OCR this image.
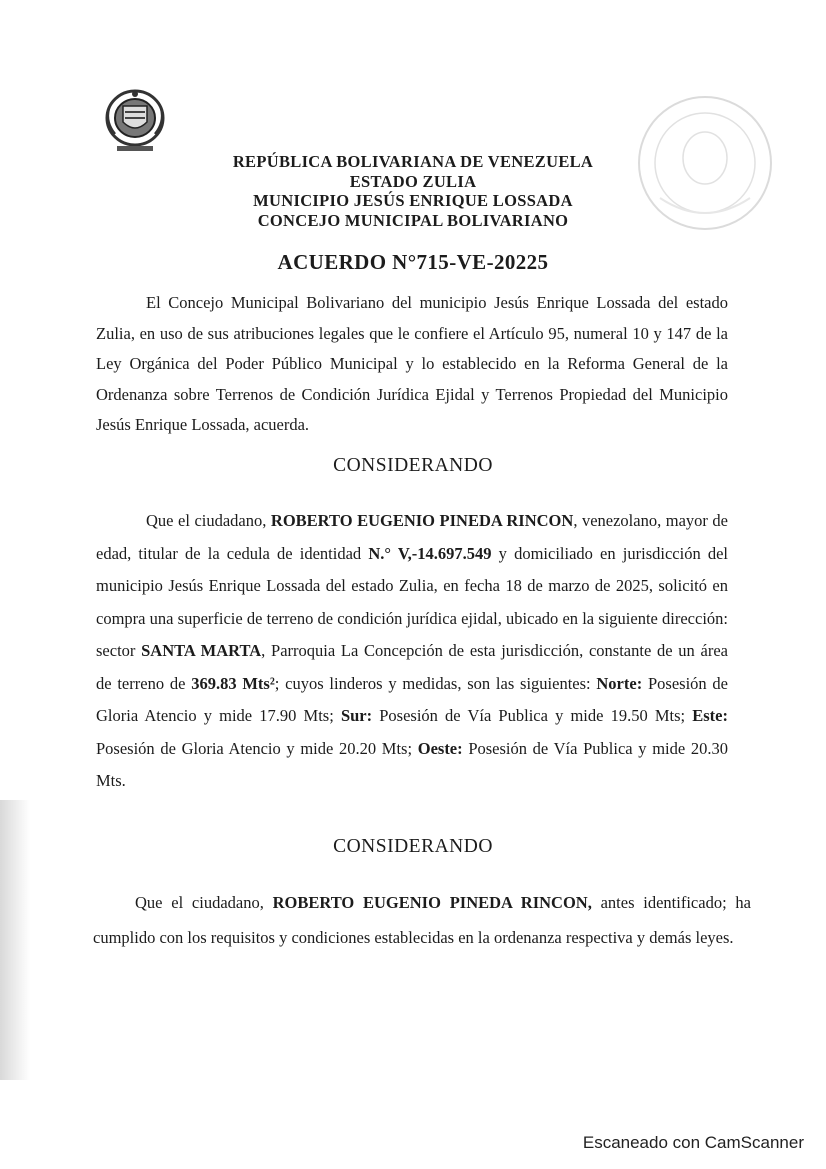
REPÚBLICA BOLIVARIANA DE VENEZUELA
ESTADO ZULIA
MUNICIPIO JESÚS ENRIQUE LOSSADA
CONCEJO MUNICIPAL BOLIVARIANO
ACUERDO N°715-VE-20225
El Concejo Municipal Bolivariano del municipio Jesús Enrique Lossada del estado Zulia, en uso de sus atribuciones legales que le confiere el Artículo 95, numeral 10 y 147 de la Ley Orgánica del Poder Público Municipal y lo establecido en la Reforma General de la Ordenanza sobre Terrenos de Condición Jurídica Ejidal y Terrenos Propiedad del Municipio Jesús Enrique Lossada, acuerda.
CONSIDERANDO
Que el ciudadano, ROBERTO EUGENIO PINEDA RINCON, venezolano, mayor de edad, titular de la cedula de identidad N.° V,-14.697.549 y domiciliado en jurisdicción del municipio Jesús Enrique Lossada del estado Zulia, en fecha 18 de marzo de 2025, solicitó en compra una superficie de terreno de condición jurídica ejidal, ubicado en la siguiente dirección: sector SANTA MARTA, Parroquia La Concepción de esta jurisdicción, constante de un área de terreno de 369.83 Mts²; cuyos linderos y medidas, son las siguientes: Norte: Posesión de Gloria Atencio y mide 17.90 Mts; Sur: Posesión de Vía Publica y mide 19.50 Mts; Este: Posesión de Gloria Atencio y mide 20.20 Mts; Oeste: Posesión de Vía Publica y mide 20.30 Mts.
CONSIDERANDO
Que el ciudadano, ROBERTO EUGENIO PINEDA RINCON, antes identificado; ha cumplido con los requisitos y condiciones establecidas en la ordenanza respectiva y demás leyes.
Escaneado con CamScanner
